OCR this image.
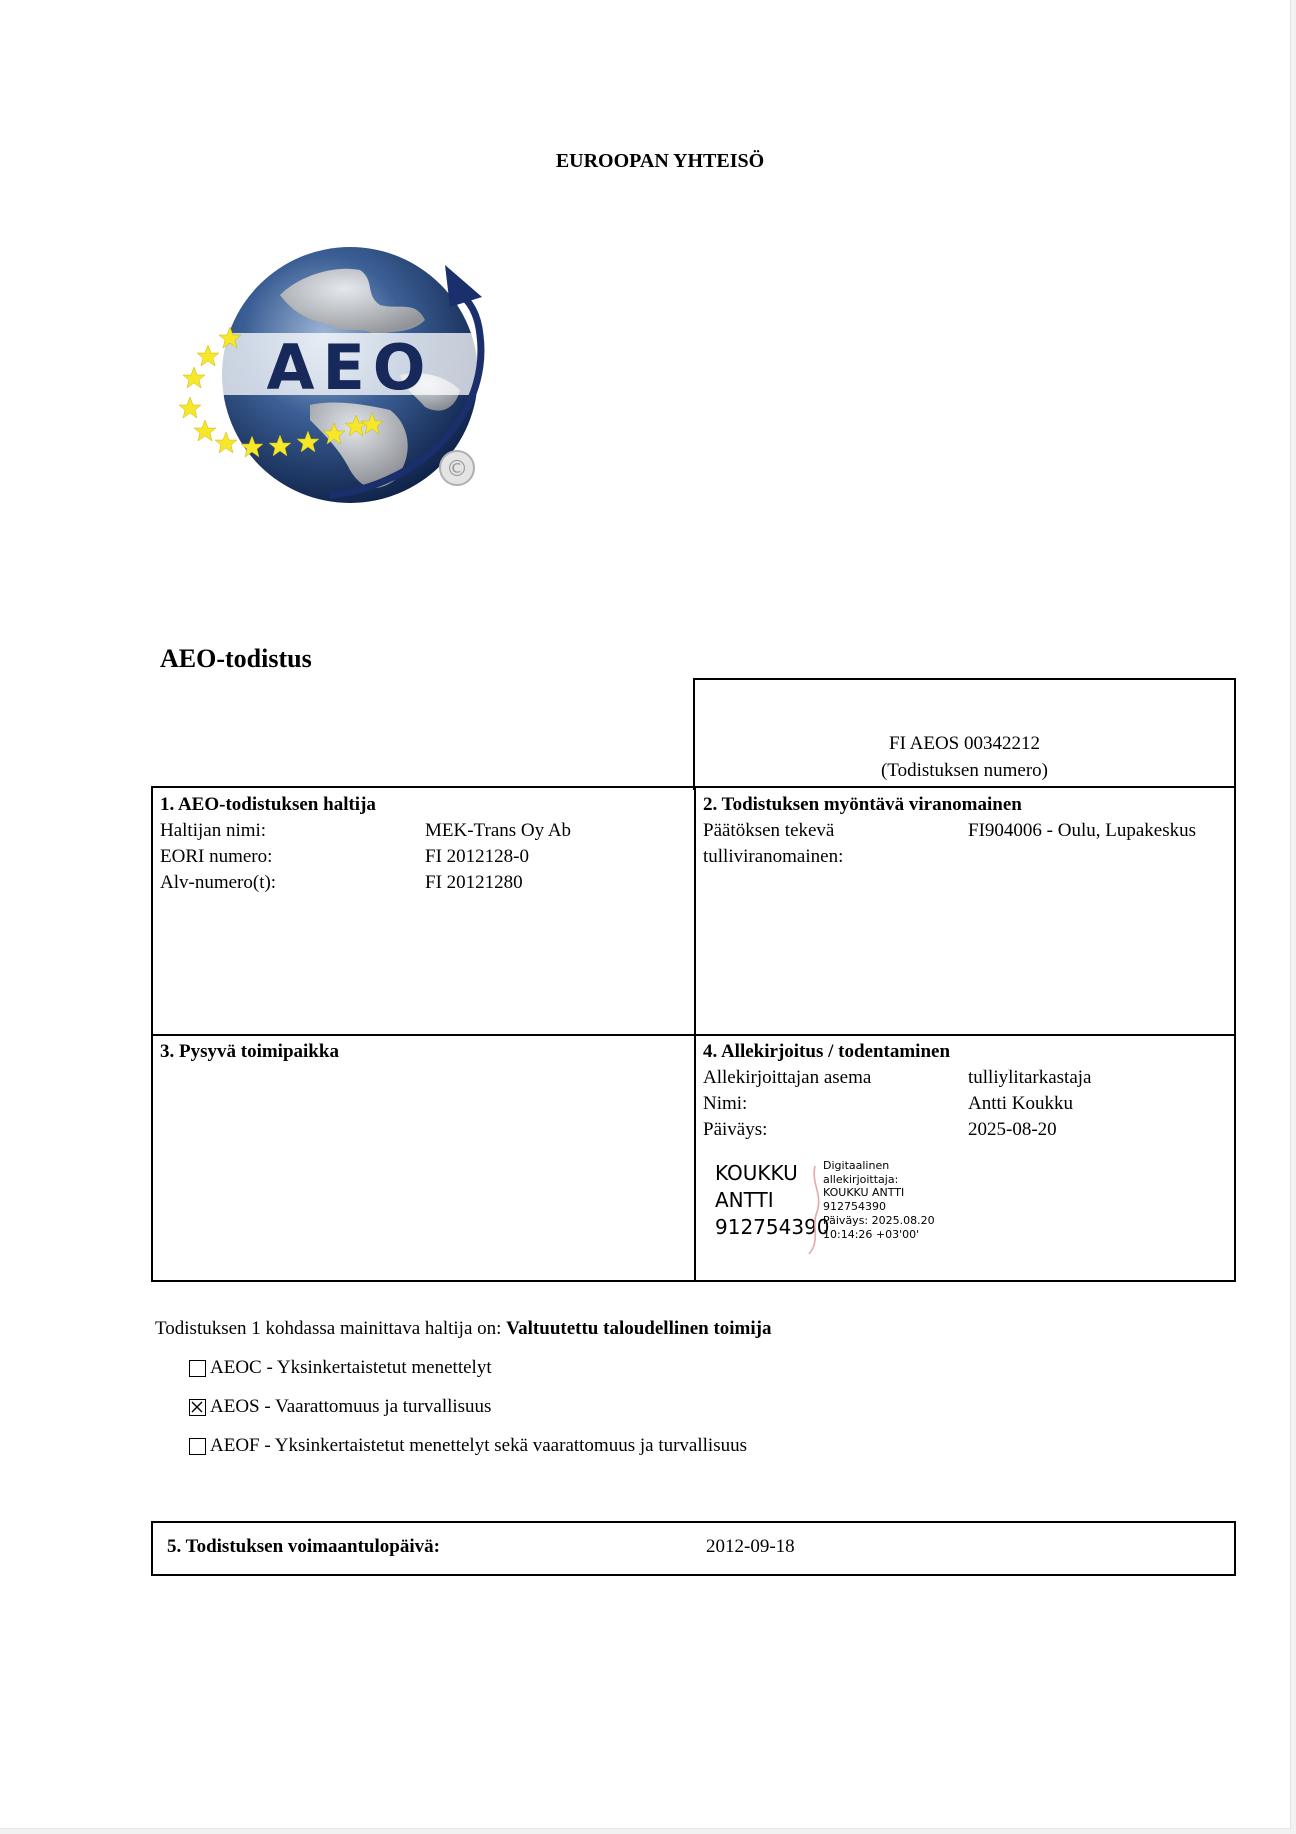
EUROOPAN YHTEISÖ
AEO
©
AEO-todistus
FI AEOS 00342212
(Todistuksen numero)
1. AEO-todistuksen haltija
Haltijan nimi:	MEK-Trans Oy Ab
EORI numero:	FI 2012128-0
Alv-numero(t):	FI 20121280
2. Todistuksen myöntävä viranomainen
Päätöksen tekevä
tulliviranomainen:
FI904006 - Oulu, Lupakeskus
3. Pysyvä toimipaikka	4. Allekirjoitus / todentaminen
Allekirjoittajan asema	tulliylitarkastaja
Nimi:	Antti Koukku
Päiväys:	2025-08-20
KOUKKU
ANTTI
912754390
Digitaalinen
allekirjoittaja:
KOUKKU ANTTI
912754390
Päiväys: 2025.08.20
10:14:26 +03'00'
Todistuksen 1 kohdassa mainittava haltija on: Valtuutettu taloudellinen toimija
AEOC - Yksinkertaistetut menettelyt
AEOS - Vaarattomuus ja turvallisuus
AEOF - Yksinkertaistetut menettelyt sekä vaarattomuus ja turvallisuus
5. Todistuksen voimaantulopäivä:	2012-09-18
